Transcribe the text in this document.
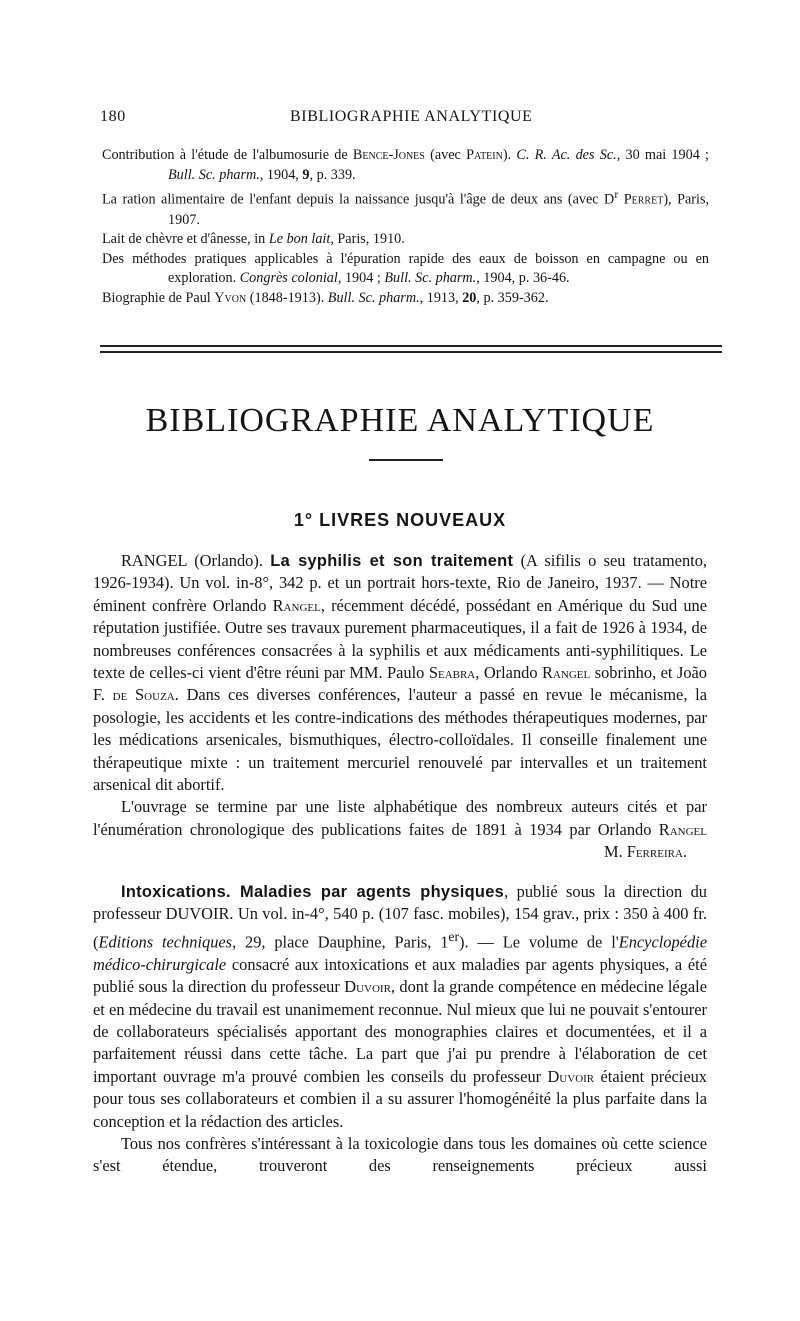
180	BIBLIOGRAPHIE ANALYTIQUE

Contribution à l'étude de l'albumosurie de Bence-Jones (avec Patein). C. R. Ac. des Sc., 30 mai 1904 ; Bull. Sc. pharm., 1904, 9, p. 339.

La ration alimentaire de l'enfant depuis la naissance jusqu'à l'âge de deux ans (avec $D^r$ Perret), Paris, 1907.

Lait de chèvre et d'ânesse, in Le bon lait, Paris, 1910.

Des méthodes pratiques applicables à l'épuration rapide des eaux de boisson en campagne ou en exploration. Congrès colonial, 1904 ; Bull. Sc. pharm., 1904, p. 36-46.

Biographie de Paul Yvon (1848-1913). Bull. Sc. pharm., 1913, 20, p. 359-362.

BIBLIOGRAPHIE ANALYTIQUE
1° LIVRES NOUVEAUX

RANGEL (Orlando). La syphilis et son traitement (A sifilis o seu tratamento, 1926-1934). Un vol. in-8°, 342 p. et un portrait hors-texte, Rio de Janeiro, 1937. — Notre éminent confrère Orlando Rangel, récemment décédé, possédant en Amérique du Sud une réputation justifiée. Outre ses travaux purement pharmaceutiques, il a fait de 1926 à 1934, de nombreuses conférences consacrées à la syphilis et aux médicaments anti-syphilitiques. Le texte de celles-ci vient d'être réuni par MM. Paulo Seabra, Orlando Rangel sobrinho, et João F. de Souza. Dans ces diverses conférences, l'auteur a passé en revue le mécanisme, la posologie, les accidents et les contre-indications des méthodes thérapeutiques modernes, par les médications arsenicales, bismuthiques, électro-colloïdales. Il conseille finalement une thérapeutique mixte : un traitement mercuriel renouvelé par intervalles et un traitement arsenical dit abortif.

L'ouvrage se termine par une liste alphabétique des nombreux auteurs cités et par l'énumération chronologique des publications faites de 1891 à 1934 par Orlando Rangel

M. Ferreira.

Intoxications. Maladies par agents physiques, publié sous la direction du professeur DUVOIR. Un vol. in-4°, 540 p. (107 fasc. mobiles), 154 grav., prix : 350 à 400 fr. (Editions techniques, 29, place Dauphine, Paris, 1er). — Le volume de l'Encyclopédie médico-chirurgicale consacré aux intoxications et aux maladies par agents physiques, a été publié sous la direction du professeur Duvoir, dont la grande compétence en médecine légale et en médecine du travail est unanimement reconnue. Nul mieux que lui ne pouvait s'entourer de collaborateurs spécialisés apportant des monographies claires et documentées, et il a parfaitement réussi dans cette tâche. La part que j'ai pu prendre à l'élaboration de cet important ouvrage m'a prouvé combien les conseils du professeur Duvoir étaient précieux pour tous ses collaborateurs et combien il a su assurer l'homogénéité la plus parfaite dans la conception et la rédaction des articles.

Tous nos confrères s'intéressant à la toxicologie dans tous les domaines où cette science s'est étendue, trouveront des renseignements précieux aussi
